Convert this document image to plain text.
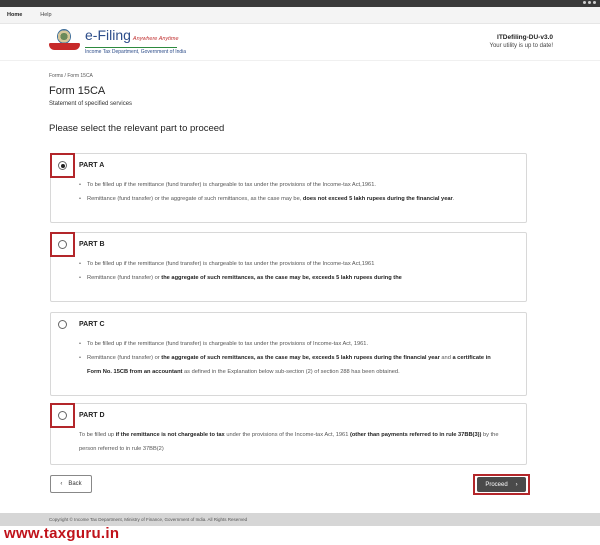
Home	Help
e-Filing Anywhere Anytime
Income Tax Department, Government of India
ITDefiling-DU-v3.0
Your utility is up to date!
Forms / Form 15CA
Form 15CA
Statement of specified services
Please select the relevant part to proceed
PART A
• To be filled up if the remittance (fund transfer) is chargeable to tax under the provisions of the Income-tax Act,1961.
• Remittance (fund transfer) or the aggregate of such remittances, as the case may be, does not exceed 5 lakh rupees during the financial year.
PART B
• To be filled up if the remittance (fund transfer) is chargeable to tax under the provisions of the Income-tax Act,1961
• Remittance (fund transfer) or the aggregate of such remittances, as the case may be, exceeds 5 lakh rupees during the
PART C
• To be filled up if the remittance (fund transfer) is chargeable to tax under the provisions of Income-tax Act, 1961.
• Remittance (fund transfer) or the aggregate of such remittances, as the case may be, exceeds 5 lakh rupees during the financial year and a certificate in Form No. 15CB from an accountant as defined in the Explanation below sub-section (2) of section 288 has been obtained.
PART D
To be filled up if the remittance is not chargeable to tax under the provisions of the Income-tax Act, 1961 (other than payments referred to in rule 37BB(3)) by the person referred to in rule 37BB(2)
‹ Back	Proceed ›
Copyright © Income Tax Department, Ministry of Finance, Government of India. All Rights Reserved
www.taxguru.in
